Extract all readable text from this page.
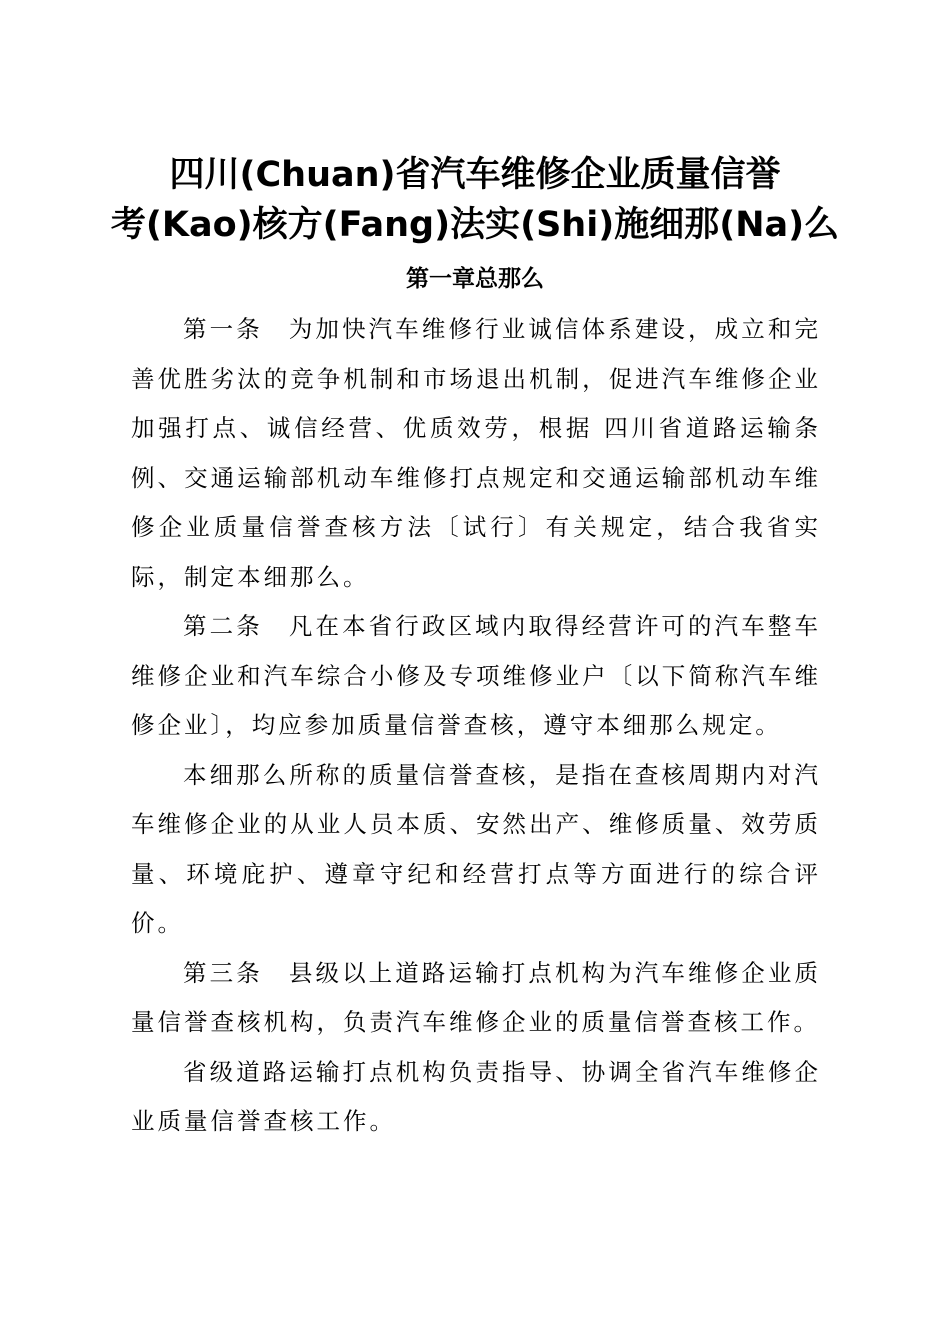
四川(Chuan)省汽车维修企业质量信誉
考(Kao)核方(Fang)法实(Shi)施细那(Na)么
第一章总那么

第一条 为加快汽车维修行业诚信体系建设，成立和完善优胜劣汰的竞争机制和市场退出机制，促进汽车维修企业加强打点、诚信经营、优质效劳，根据 四川省道路运输条例、交通运输部机动车维修打点规定和交通运输部机动车维修企业质量信誉查核方法〔试行〕有关规定，结合我省实际，制定本细那么。

第二条 凡在本省行政区域内取得经营许可的汽车整车维修企业和汽车综合小修及专项维修业户〔以下简称汽车维修企业〕，均应参加质量信誉查核，遵守本细那么规定。

本细那么所称的质量信誉查核，是指在查核周期内对汽车维修企业的从业人员本质、安然出产、维修质量、效劳质量、环境庇护、遵章守纪和经营打点等方面进行的综合评价。

第三条 县级以上道路运输打点机构为汽车维修企业质量信誉查核机构，负责汽车维修企业的质量信誉查核工作。

省级道路运输打点机构负责指导、协调全省汽车维修企业质量信誉查核工作。
